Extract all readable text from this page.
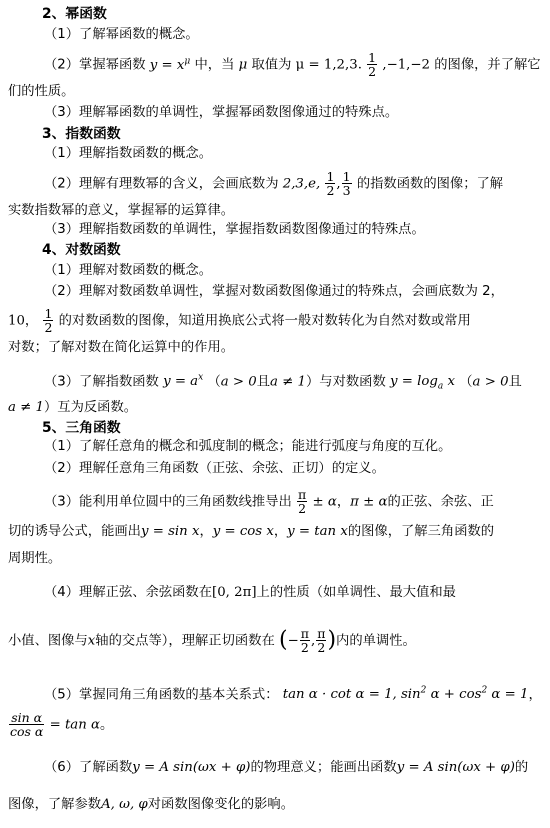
2、幂函数
（1）了解幂函数的概念。
（2）掌握幂函数 $y = x^\mu$ 中，当 μ 取值为 μ = 1,2,3. $\frac{1}{2} ,-1,-2$ 的图像，并了解它
们的性质。
（3）理解幂函数的单调性，掌握幂函数图像通过的特殊点。
3、指数函数
（1）理解指数函数的概念。
（2）理解有理数幂的含义，会画底数为 2,3,e, $\frac{1}{2}$ , $\frac{1}{3}$ 的指数函数的图像；了解
实数指数幂的意义，掌握幂的运算律。
（3）理解指数函数的单调性，掌握指数函数图像通过的特殊点。
4、对数函数
（1）理解对数函数的概念。
（2）理解对数函数单调性，掌握对数函数图像通过的特殊点，会画底数为 2，
10， $\frac{1}{2}$ 的对数函数的图像，知道用换底公式将一般对数转化为自然对数或常用
对数；了解对数在简化运算中的作用。
（3）了解指数函数 $y = a^x$ （a > 0且a ≠ 1）与对数函数 $y = \log_a x$ （a > 0且
a ≠ 1）互为反函数。
5、三角函数
（1）了解任意角的概念和弧度制的概念；能进行弧度与角度的互化。
（2）理解任意角三角函数（正弦、余弦、正切）的定义。
（3）能利用单位圆中的三角函数线推导出 $\frac{\pi}{2} \pm \alpha$，π ± α的正弦、余弦、正
切的诱导公式，能画出y = sin x，y = cos x，y = tan x的图像，了解三角函数的
周期性。
（4）理解正弦、余弦函数在[0, 2π]上的性质（如单调性、最大值和最
小值、图像与x轴的交点等），理解正切函数在 (− $\frac{\pi}{2}$ , $\frac{\pi}{2}$ )内的单调性。
（5）掌握同角三角函数的基本关系式： tan α · cot α = 1, $\sin^2 \alpha + \cos^2 \alpha = 1$，
$\frac{\text{sin α}}{\text{cos α}} = \tan \alpha$。
（6）了解函数y = A sin(ωx + φ)的物理意义；能画出函数y = A sin(ωx + φ)的
图像，了解参数A, ω, φ对函数图像变化的影响。
